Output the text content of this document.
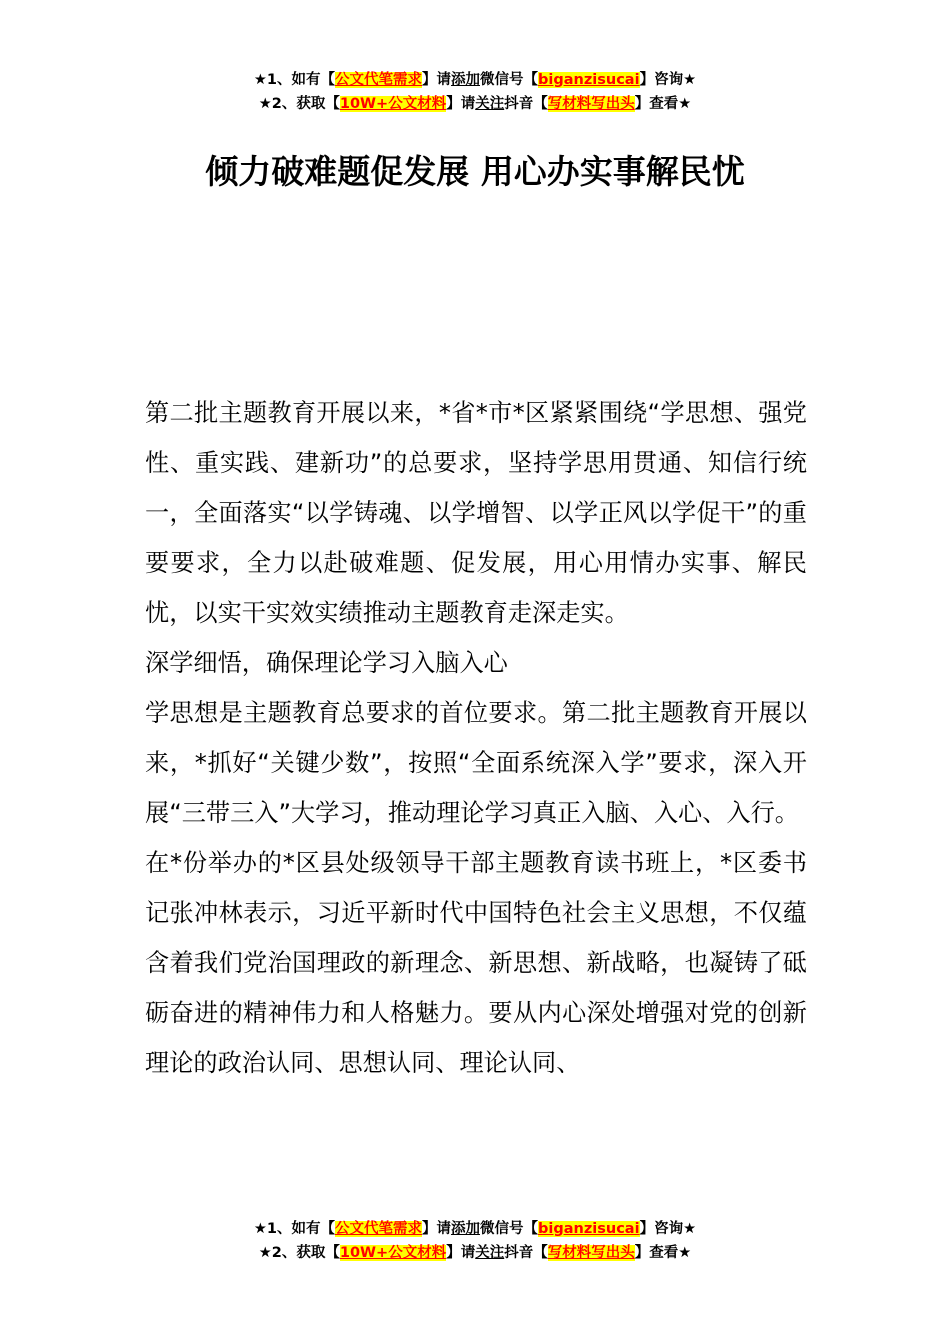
★1、如有【公文代笔需求】请添加微信号【biganzisucai】咨询★
★2、获取【10W+公文材料】请关注抖音【写材料写出头】查看★
倾力破难题促发展 用心办实事解民忧

第二批主题教育开展以来，*省*市*区紧紧围绕“学思想、强党性、重实践、建新功”的总要求，坚持学思用贯通、知信行统一，全面落实“以学铸魂、以学增智、以学正风以学促干”的重要要求，全力以赴破难题、促发展，用心用情办实事、解民忧，以实干实效实绩推动主题教育走深走实。

深学细悟，确保理论学习入脑入心

学思想是主题教育总要求的首位要求。第二批主题教育开展以来，*抓好“关键少数”，按照“全面系统深入学”要求，深入开展“三带三入”大学习，推动理论学习真正入脑、入心、入行。

在*份举办的*区县处级领导干部主题教育读书班上，*区委书记张冲林表示，习近平新时代中国特色社会主义思想，不仅蕴含着我们党治国理政的新理念、新思想、新战略，也凝铸了砥砺奋进的精神伟力和人格魅力。要从内心深处增强对党的创新理论的政治认同、思想认同、理论认同、

★1、如有【公文代笔需求】请添加微信号【biganzisucai】咨询★
★2、获取【10W+公文材料】请关注抖音【写材料写出头】查看★
